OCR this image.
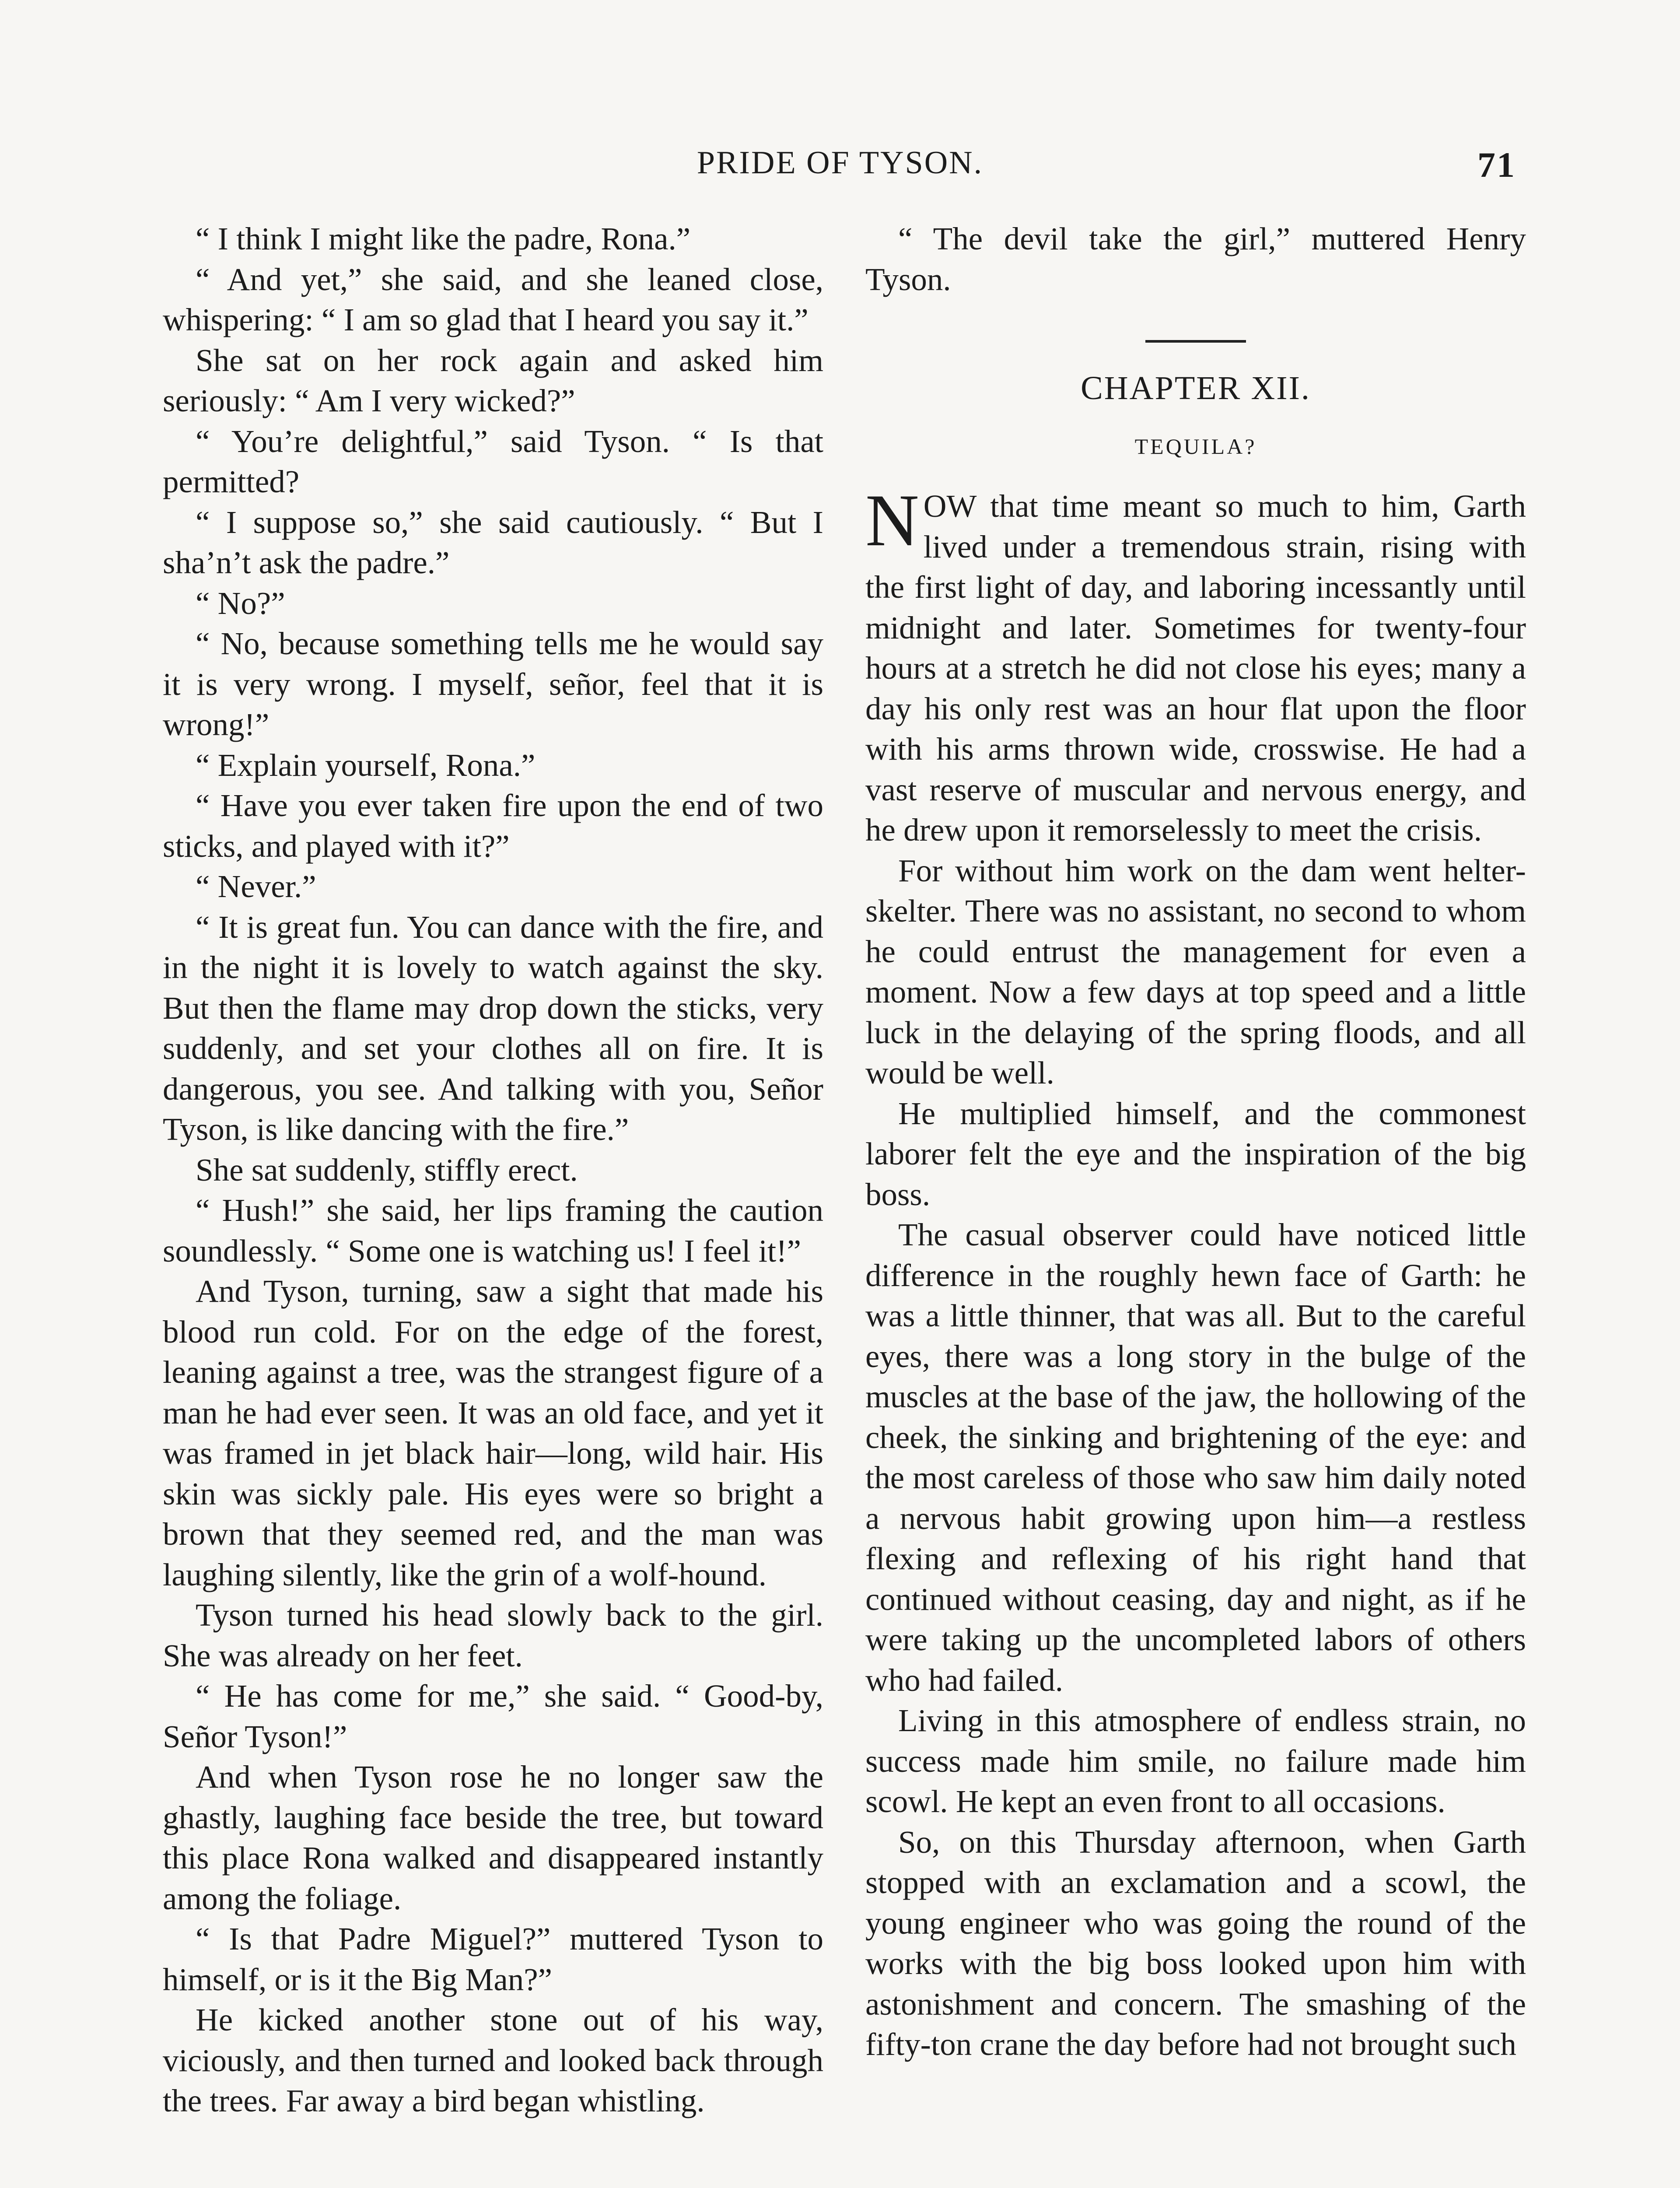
PRIDE OF TYSON.	71

“ I think I might like the padre, Rona.”

“ And yet,” she said, and she leaned close, whispering: “ I am so glad that I heard you say it.”

She sat on her rock again and asked him seriously: “ Am I very wicked?”

“ You’re delightful,” said Tyson. “ Is that permitted?

“ I suppose so,” she said cautiously. “ But I sha’n’t ask the padre.”

“ No?”

“ No, because something tells me he would say it is very wrong. I myself, señor, feel that it is wrong!”

“ Explain yourself, Rona.”

“ Have you ever taken fire upon the end of two sticks, and played with it?”

“ Never.”

“ It is great fun. You can dance with the fire, and in the night it is lovely to watch against the sky. But then the flame may drop down the sticks, very suddenly, and set your clothes all on fire. It is dangerous, you see. And talking with you, Señor Tyson, is like dancing with the fire.”

She sat suddenly, stiffly erect.

“ Hush!” she said, her lips framing the caution soundlessly. “ Some one is watching us! I feel it!”

And Tyson, turning, saw a sight that made his blood run cold. For on the edge of the forest, leaning against a tree, was the strangest figure of a man he had ever seen. It was an old face, and yet it was framed in jet black hair—long, wild hair. His skin was sickly pale. His eyes were so bright a brown that they seemed red, and the man was laughing silently, like the grin of a wolf-hound.

Tyson turned his head slowly back to the girl. She was already on her feet.

“ He has come for me,” she said. “ Good-by, Señor Tyson!”

And when Tyson rose he no longer saw the ghastly, laughing face beside the tree, but toward this place Rona walked and disappeared instantly among the foliage.

“ Is that Padre Miguel?” muttered Tyson to himself, or is it the Big Man?”

He kicked another stone out of his way, viciously, and then turned and looked back through the trees. Far away a bird began whistling.

“ The devil take the girl,” muttered Henry Tyson.

CHAPTER XII.
TEQUILA?

NOW that time meant so much to him, Garth lived under a tremendous strain, rising with the first light of day, and laboring incessantly until midnight and later. Sometimes for twenty-four hours at a stretch he did not close his eyes; many a day his only rest was an hour flat upon the floor with his arms thrown wide, crosswise. He had a vast reserve of muscular and nervous energy, and he drew upon it remorselessly to meet the crisis.

For without him work on the dam went helter-skelter. There was no assistant, no second to whom he could entrust the management for even a moment. Now a few days at top speed and a little luck in the delaying of the spring floods, and all would be well.

He multiplied himself, and the commonest laborer felt the eye and the inspiration of the big boss.

The casual observer could have noticed little difference in the roughly hewn face of Garth: he was a little thinner, that was all. But to the careful eyes, there was a long story in the bulge of the muscles at the base of the jaw, the hollowing of the cheek, the sinking and brightening of the eye: and the most careless of those who saw him daily noted a nervous habit growing upon him—a restless flexing and reflexing of his right hand that continued without ceasing, day and night, as if he were taking up the uncompleted labors of others who had failed.

Living in this atmosphere of endless strain, no success made him smile, no failure made him scowl. He kept an even front to all occasions.

So, on this Thursday afternoon, when Garth stopped with an exclamation and a scowl, the young engineer who was going the round of the works with the big boss looked upon him with astonishment and concern. The smashing of the fifty-ton crane the day before had not brought such
